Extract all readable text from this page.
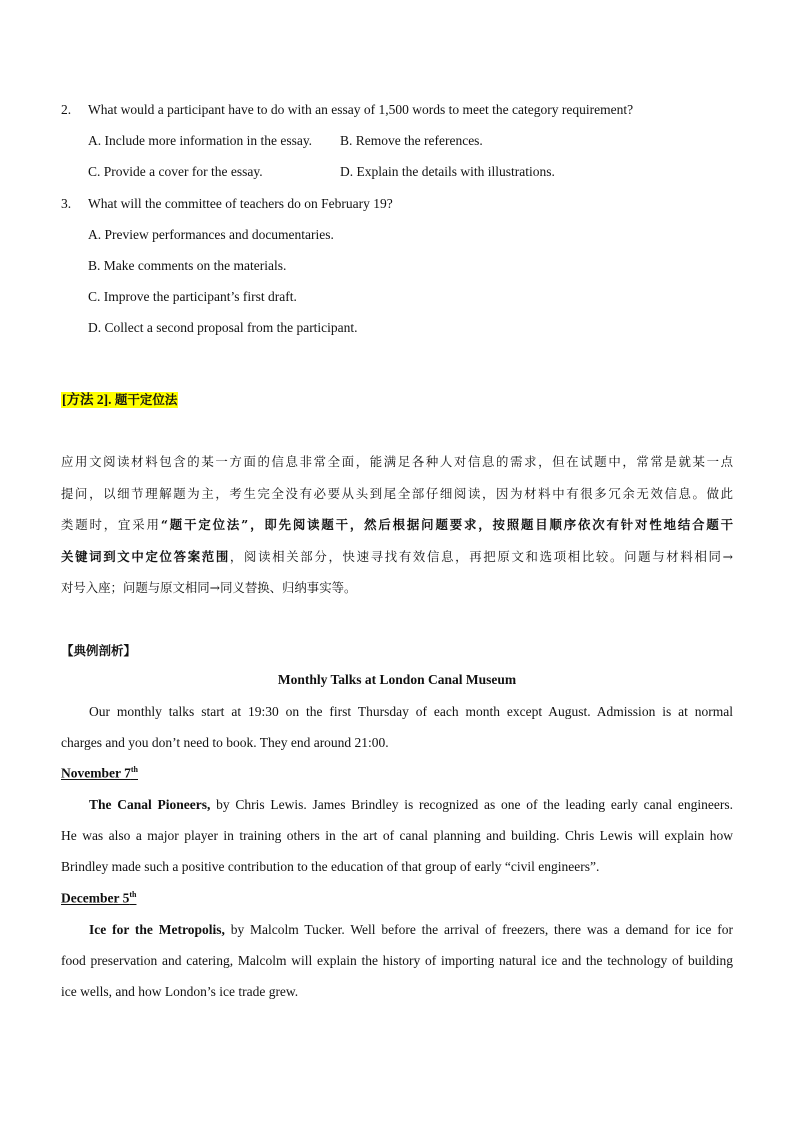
2. What would a participant have to do with an essay of 1,500 words to meet the category requirement?
A. Include more information in the essay. B. Remove the references.
C. Provide a cover for the essay.	D. Explain the details with illustrations.
3. What will the committee of teachers do on February 19?
A. Preview performances and documentaries.
B. Make comments on the materials.
C. Improve the participant’s first draft.
D. Collect a second proposal from the participant.
[方法 2]. 题干定位法
应用文阅读材料包含的某一方面的信息非常全面，能满足各种人对信息的需求，但在试题中，常常是就某一点
提问，以细节理解题为主，考生完全没有必要从头到尾全部仔细阅读，因为材料中有很多冗余无效信息。做此
类题时，宜采用“题干定位法”，即先阅读题干，然后根据问题要求，按照题目顺序依次有针对性地结合题干
关键词到文中定位答案范围，阅读相关部分，快速寻找有效信息，再把原文和选项相比较。问题与材料相同→
对号入座；问题与原文相同→同义替换、归纳事实等。
【典例剖析】
Monthly Talks at London Canal Museum
Our monthly talks start at 19:30 on the first Thursday of each month except August. Admission is at normal
charges and you don’t need to book. They end around 21:00.
November 7th
The Canal Pioneers, by Chris Lewis. James Brindley is recognized as one of the leading early canal engineers.
He was also a major player in training others in the art of canal planning and building. Chris Lewis will explain how
Brindley made such a positive contribution to the education of that group of early “civil engineers”.
December 5th
Ice for the Metropolis, by Malcolm Tucker. Well before the arrival of freezers, there was a demand for ice for
food preservation and catering, Malcolm will explain the history of importing natural ice and the technology of building
ice wells, and how London’s ice trade grew.
